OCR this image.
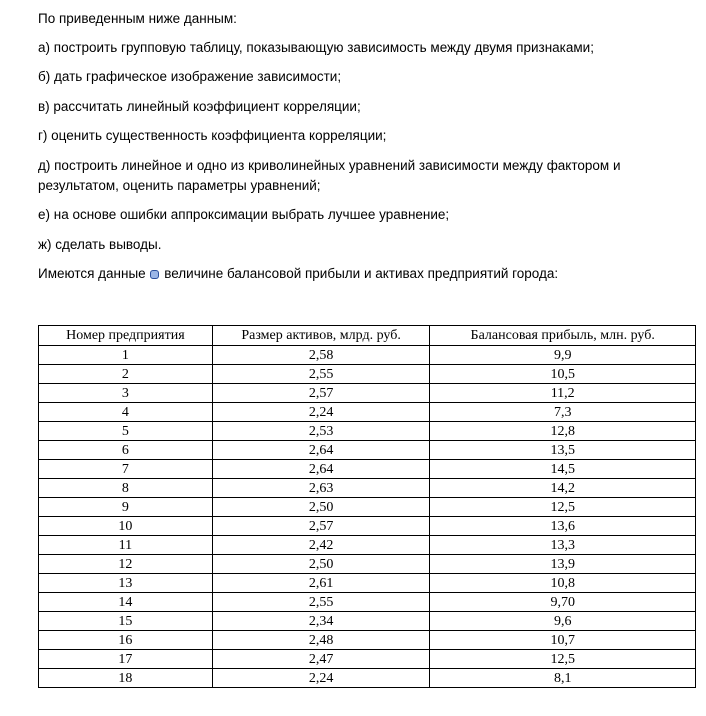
По приведенным ниже данным:

а) построить групповую таблицу, показывающую зависимость между двумя признаками;

б) дать графическое изображение зависимости;

в) рассчитать линейный коэффициент корреляции;

г) оценить существенность коэффициента корреляции;

д) построить линейное и одно из криволинейных уравнений зависимости между фактором и результатом, оценить параметры уравнений;

е) на основе ошибки аппроксимации выбрать лучшее уравнение;

ж) сделать выводы.

Имеются данные величине балансовой прибыли и активах предприятий города:

Номер предприятия	Размер активов, млрд. руб.	Балансовая прибыль, млн. руб.
1	2,58	9,9
2	2,55	10,5
3	2,57	11,2
4	2,24	7,3
5	2,53	12,8
6	2,64	13,5
7	2,64	14,5
8	2,63	14,2
9	2,50	12,5
10	2,57	13,6
11	2,42	13,3
12	2,50	13,9
13	2,61	10,8
14	2,55	9,70
15	2,34	9,6
16	2,48	10,7
17	2,47	12,5
18	2,24	8,1
